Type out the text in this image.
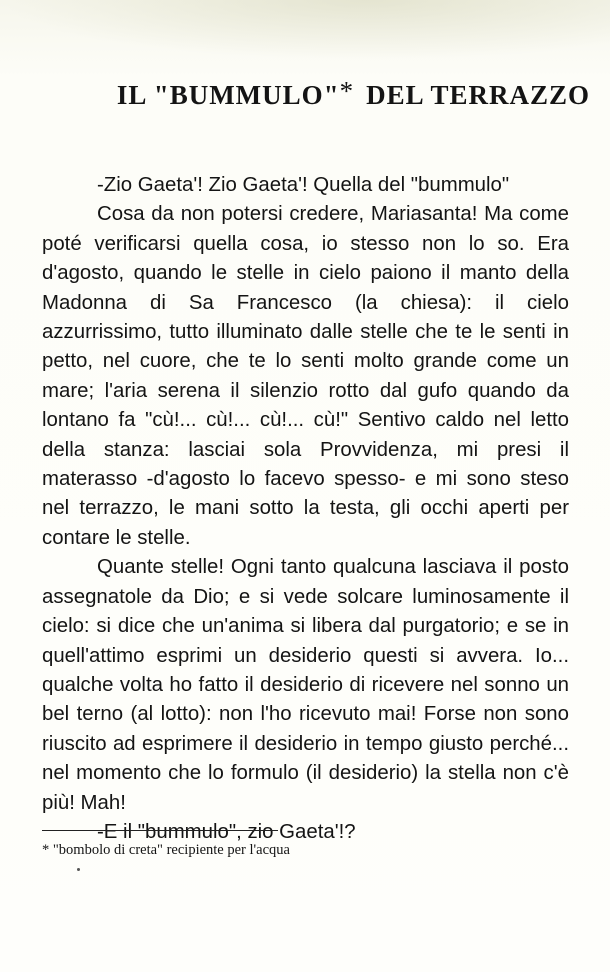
IL "BUMMULO"* DEL TERRAZZO

-Zio Gaeta'! Zio Gaeta'! Quella del "bummulo"

Cosa da non potersi credere, Mariasanta! Ma come poté verificarsi quella cosa, io stesso non lo so. Era d'agosto, quando le stelle in cielo paiono il manto della Madonna di Sa Francesco (la chiesa): il cielo azzurrissimo, tutto illuminato dalle stelle che te le senti in petto, nel cuore, che te lo senti molto grande come un mare; l'aria serena il silenzio rotto dal gufo quando da lontano fa "cù!... cù!... cù!... cù!" Sentivo caldo nel letto della stanza: lasciai sola Provvidenza, mi presi il materasso -d'agosto lo facevo spesso- e mi sono steso nel terrazzo, le mani sotto la testa, gli occhi aperti per contare le stelle.

Quante stelle! Ogni tanto qualcuna lasciava il posto assegnatole da Dio; e si vede solcare luminosamente il cielo: si dice che un'anima si libera dal purgatorio; e se in quell'attimo esprimi un desiderio questi si avvera. Io... qualche volta ho fatto il desiderio di ricevere nel sonno un bel terno (al lotto): non l'ho ricevuto mai! Forse non sono riuscito ad esprimere il desiderio in tempo giusto perché... nel momento che lo formulo (il desiderio) la stella non c'è più! Mah!

-E il "bummulo", zio Gaeta'!?

* "bombolo di creta" recipiente per l'acqua
